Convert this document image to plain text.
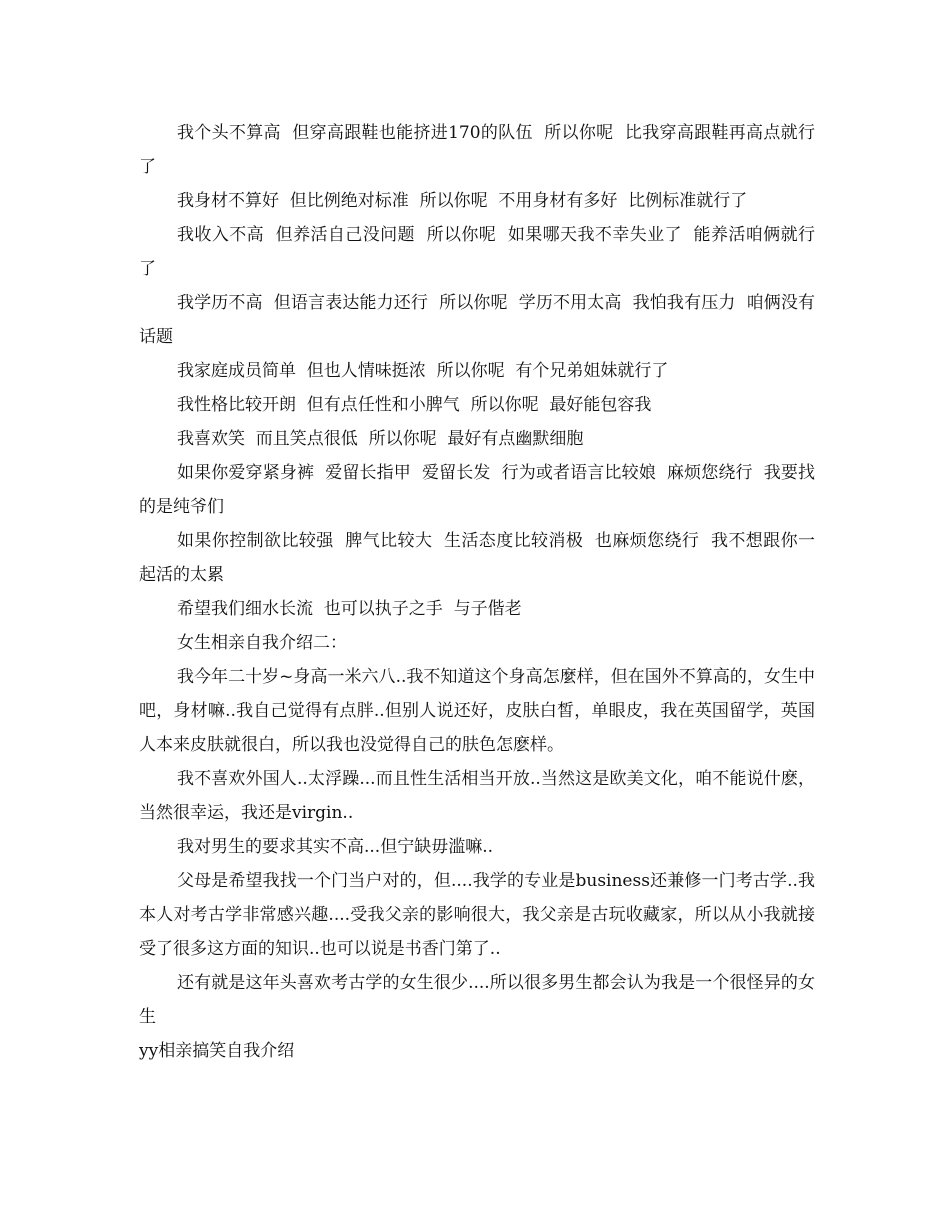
我个头不算高  但穿高跟鞋也能挤进170的队伍  所以你呢  比我穿高跟鞋再高点就行了

我身材不算好  但比例绝对标准  所以你呢  不用身材有多好  比例标准就行了

我收入不高  但养活自己没问题  所以你呢  如果哪天我不幸失业了  能养活咱俩就行了

我学历不高  但语言表达能力还行  所以你呢  学历不用太高  我怕我有压力  咱俩没有话题

我家庭成员简单  但也人情味挺浓  所以你呢  有个兄弟姐妹就行了

我性格比较开朗  但有点任性和小脾气  所以你呢  最好能包容我

我喜欢笑  而且笑点很低  所以你呢  最好有点幽默细胞

如果你爱穿紧身裤  爱留长指甲  爱留长发  行为或者语言比较娘  麻烦您绕行  我要找的是纯爷们

如果你控制欲比较强  脾气比较大  生活态度比较消极  也麻烦您绕行  我不想跟你一起活的太累

希望我们细水长流  也可以执子之手  与子偕老

女生相亲自我介绍二：

我今年二十岁~身高一米六八..我不知道这个身高怎麼样，但在国外不算高的，女生中吧，身材嘛..我自己觉得有点胖..但别人说还好，皮肤白皙，单眼皮，我在英国留学，英国人本来皮肤就很白，所以我也没觉得自己的肤色怎麽样。

我不喜欢外国人..太浮躁...而且性生活相当开放..当然这是欧美文化，咱不能说什麽，当然很幸运，我还是virgin..

我对男生的要求其实不高...但宁缺毋滥嘛..

父母是希望我找一个门当户对的，但....我学的专业是business还兼修一门考古学..我本人对考古学非常感兴趣....受我父亲的影响很大，我父亲是古玩收藏家，所以从小我就接受了很多这方面的知识..也可以说是书香门第了..

还有就是这年头喜欢考古学的女生很少....所以很多男生都会认为我是一个很怪异的女生

yy相亲搞笑自我介绍
